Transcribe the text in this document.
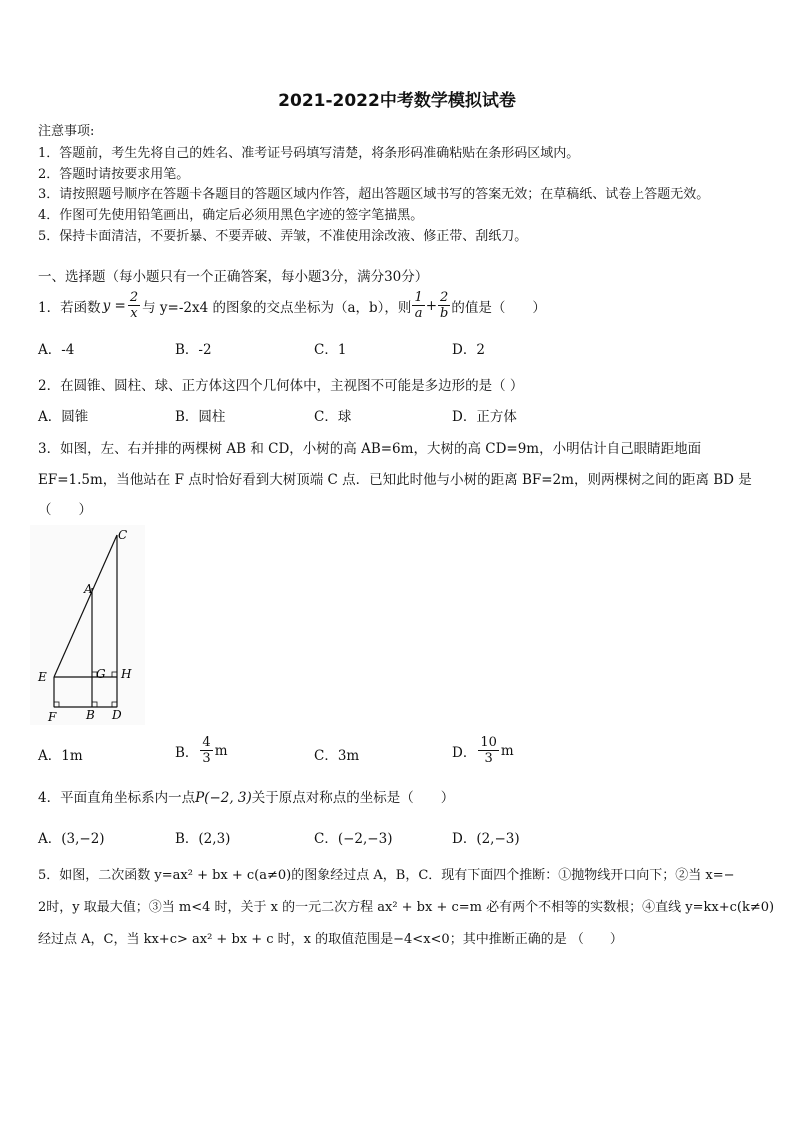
2021-2022中考数学模拟试卷
注意事项:
1．答题前，考生先将自己的姓名、准考证号码填写清楚，将条形码准确粘贴在条形码区域内。
2．答题时请按要求用笔。
3．请按照题号顺序在答题卡各题目的答题区域内作答，超出答题区域书写的答案无效；在草稿纸、试卷上答题无效。
4．作图可先使用铅笔画出，确定后必须用黑色字迹的签字笔描黑。
5．保持卡面清洁，不要折暴、不要弄破、弄皱，不准使用涂改液、修正带、刮纸刀。
一、选择题（每小题只有一个正确答案，每小题3分，满分30分）
1．若函数 $y = \frac{2}{x}$ 与 y=-2x4 的图象的交点坐标为（a，b），则 $\frac{1}{a} + \frac{2}{b}$ 的值是（　　）
A．-4	B．-2	C．1	D．2
2．在圆锥、圆柱、球、正方体这四个几何体中，主视图不可能是多边形的是（ ）
A．圆锥	B．圆柱	C．球	D．正方体
3．如图，左、右并排的两棵树 AB 和 CD，小树的高 AB=6m，大树的高 CD=9m，小明估计自己眼睛距地面
EF=1.5m，当他站在 F 点时恰好看到大树顶端 C 点．已知此时他与小树的距离 BF=2m，则两棵树之间的距离 BD 是
（　　）
C
A
E	G H
F B D
A．1m	B． $\frac{4}{3}$ m	C．3m	D． $\frac{10}{3}$ m
4．平面直角坐标系内一点P(−2, 3)关于原点对称点的坐标是（　　）
A．(3,−2)	B．(2,3)	C．(−2,−3)	D．(2,−3)
5．如图，二次函数 y=ax² + bx + c(a≠0)的图象经过点 A，B，C．现有下面四个推断：①抛物线开口向下；②当 x=−
2时，y 取最大值；③当 m<4 时，关于 x 的一元二次方程 ax² + bx + c=m 必有两个不相等的实数根；④直线 y=kx+c(k≠0)
经过点 A，C，当 kx+c> ax² + bx + c 时，x 的取值范围是−4<x<0；其中推断正确的是 （　　）
